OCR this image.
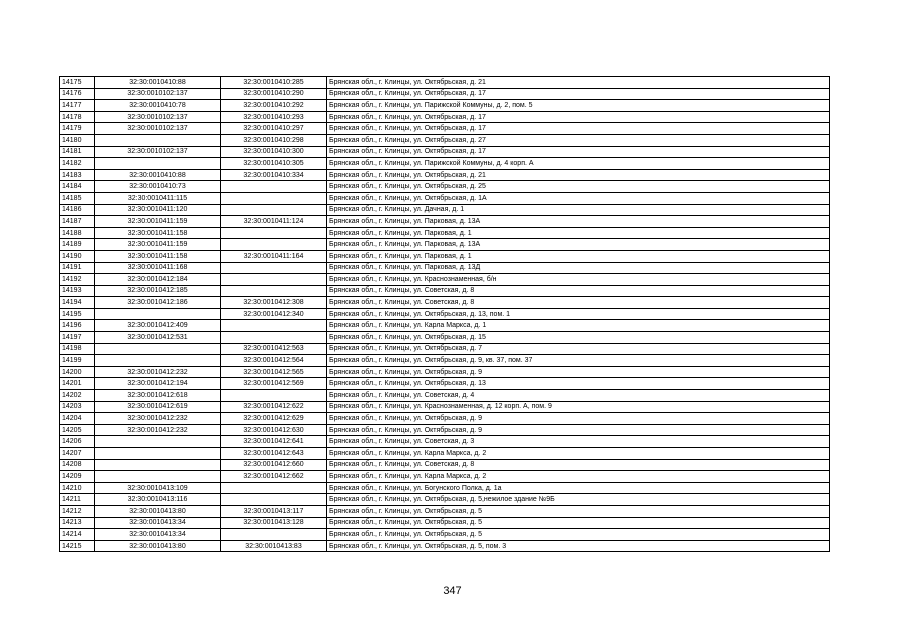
14175	32:30:0010410:88	32:30:0010410:285	Брянская обл., г. Клинцы, ул. Октябрьская, д. 21
14176	32:30:0010102:137	32:30:0010410:290	Брянская обл., г. Клинцы, ул. Октябрьская, д. 17
14177	32:30:0010410:78	32:30:0010410:292	Брянская обл., г. Клинцы, ул. Парижской Коммуны, д. 2, пом. 5
14178	32:30:0010102:137	32:30:0010410:293	Брянская обл., г. Клинцы, ул. Октябрьская, д. 17
14179	32:30:0010102:137	32:30:0010410:297	Брянская обл., г. Клинцы, ул. Октябрьская, д. 17
14180		32:30:0010410:298	Брянская обл., г. Клинцы, ул. Октябрьская, д. 27
14181	32:30:0010102:137	32:30:0010410:300	Брянская обл., г. Клинцы, ул. Октябрьская, д. 17
14182		32:30:0010410:305	Брянская обл., г. Клинцы, ул. Парижской Коммуны, д. 4 корп. А
14183	32:30:0010410:88	32:30:0010410:334	Брянская обл., г. Клинцы, ул. Октябрьская, д. 21
14184	32:30:0010410:73		Брянская обл., г. Клинцы, ул. Октябрьская, д. 25
14185	32:30:0010411:115		Брянская обл., г. Клинцы, ул. Октябрьская, д. 1А
14186	32:30:0010411:120		Брянская обл., г. Клинцы, ул. Дачная, д. 1
14187	32:30:0010411:159	32:30:0010411:124	Брянская обл., г. Клинцы, ул. Парковая, д. 13А
14188	32:30:0010411:158		Брянская обл., г. Клинцы, ул. Парковая, д. 1
14189	32:30:0010411:159		Брянская обл., г. Клинцы, ул. Парковая, д. 13А
14190	32:30:0010411:158	32:30:0010411:164	Брянская обл., г. Клинцы, ул. Парковая, д. 1
14191	32:30:0010411:168		Брянская обл., г. Клинцы, ул. Парковая, д. 13Д
14192	32:30:0010412:184		Брянская обл., г. Клинцы, ул. Краснознаменная, б/н
14193	32:30:0010412:185		Брянская обл., г. Клинцы, ул. Советская, д. 8
14194	32:30:0010412:186	32:30:0010412:308	Брянская обл., г. Клинцы, ул. Советская, д. 8
14195		32:30:0010412:340	Брянская обл., г. Клинцы, ул. Октябрьская, д. 13, пом. 1
14196	32:30:0010412:409		Брянская обл., г. Клинцы, ул. Карла Маркса, д. 1
14197	32:30:0010412:531		Брянская обл., г. Клинцы, ул. Октябрьская, д. 15
14198		32:30:0010412:563	Брянская обл., г. Клинцы, ул. Октябрьская, д. 7
14199		32:30:0010412:564	Брянская обл., г. Клинцы, ул. Октябрьская, д. 9, кв. 37, пом. 37
14200	32:30:0010412:232	32:30:0010412:565	Брянская обл., г. Клинцы, ул. Октябрьская, д. 9
14201	32:30:0010412:194	32:30:0010412:569	Брянская обл., г. Клинцы, ул. Октябрьская, д. 13
14202	32:30:0010412:618		Брянская обл., г. Клинцы, ул. Советская, д. 4
14203	32:30:0010412:619	32:30:0010412:622	Брянская обл., г. Клинцы, ул. Краснознаменная, д. 12 корп. А, пом. 9
14204	32:30:0010412:232	32:30:0010412:629	Брянская обл., г. Клинцы, ул. Октябрьская, д. 9
14205	32:30:0010412:232	32:30:0010412:630	Брянская обл., г. Клинцы, ул. Октябрьская, д. 9
14206		32:30:0010412:641	Брянская обл., г. Клинцы, ул. Советская, д. 3
14207		32:30:0010412:643	Брянская обл., г. Клинцы, ул. Карла Маркса, д. 2
14208		32:30:0010412:660	Брянская обл., г. Клинцы, ул. Советская, д. 8
14209		32:30:0010412:662	Брянская обл., г. Клинцы, ул. Карла Маркса, д. 2
14210	32:30:0010413:109		Брянская обл., г. Клинцы, ул. Богунского Полка, д. 1а
14211	32:30:0010413:116		Брянская обл., г. Клинцы, ул. Октябрьская, д. 5,нежилое здание №9Б
14212	32:30:0010413:80	32:30:0010413:117	Брянская обл., г. Клинцы, ул. Октябрьская, д. 5
14213	32:30:0010413:34	32:30:0010413:128	Брянская обл., г. Клинцы, ул. Октябрьская, д. 5
14214	32:30:0010413:34		Брянская обл., г. Клинцы, ул. Октябрьская, д. 5
14215	32:30:0010413:80	32:30:0010413:83	Брянская обл., г. Клинцы, ул. Октябрьская, д. 5, пом. 3
347
